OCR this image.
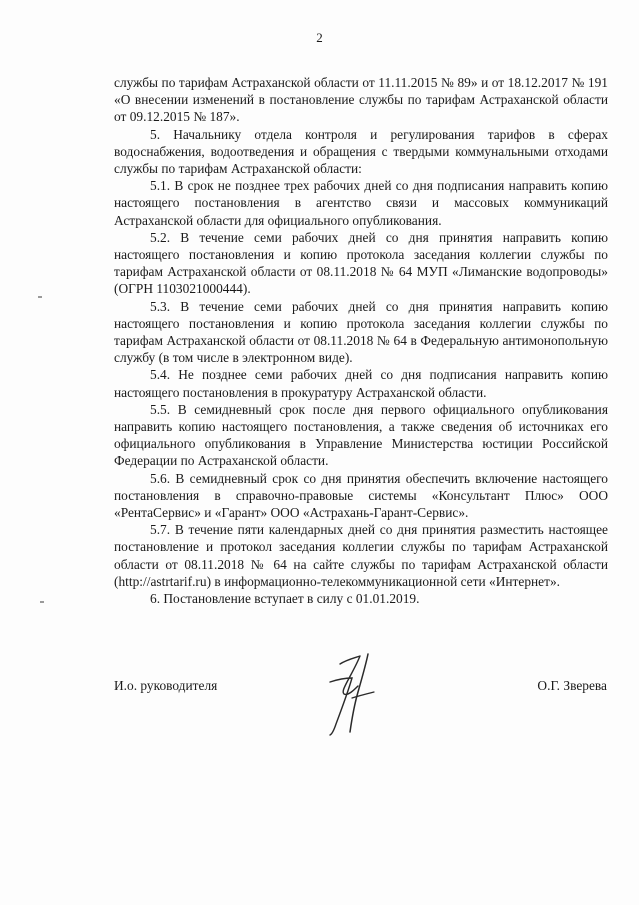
2

службы по тарифам Астраханской области от 11.11.2015 № 89» и от 18.12.2017 № 191 «О внесении изменений в постановление службы по тарифам Астраханской области от 09.12.2015 № 187».

5. Начальнику отдела контроля и регулирования тарифов в сферах водоснабжения, водоотведения и обращения с твердыми коммунальными отходами службы по тарифам Астраханской области:

5.1. В срок не позднее трех рабочих дней со дня подписания направить копию настоящего постановления в агентство связи и массовых коммуникаций Астраханской области для официального опубликования.

5.2. В течение семи рабочих дней со дня принятия направить копию настоящего постановления и копию протокола заседания коллегии службы по тарифам Астраханской области от 08.11.2018 № 64 МУП «Лиманские водопроводы» (ОГРН 1103021000444).

5.3. В течение семи рабочих дней со дня принятия направить копию настоящего постановления и копию протокола заседания коллегии службы по тарифам Астраханской области от 08.11.2018 № 64 в Федеральную антимонопольную службу (в том числе в электронном виде).

5.4. Не позднее семи рабочих дней со дня подписания направить копию настоящего постановления в прокуратуру Астраханской области.

5.5. В семидневный срок после дня первого официального опубликования направить копию настоящего постановления, а также сведения об источниках его официального опубликования в Управление Министерства юстиции Российской Федерации по Астраханской области.

5.6. В семидневный срок со дня принятия обеспечить включение настоящего постановления в справочно-правовые системы «Консультант Плюс» ООО «РентаСервис» и «Гарант» ООО «Астрахань-Гарант-Сервис».

5.7. В течение пяти календарных дней со дня принятия разместить настоящее постановление и протокол заседания коллегии службы по тарифам Астраханской области от 08.11.2018 № 64 на сайте службы по тарифам Астраханской области (http://astrtarif.ru) в информационно-телекоммуникационной сети «Интернет».

6. Постановление вступает в силу с 01.01.2019.

И.о. руководителя	О.Г. Зверева
